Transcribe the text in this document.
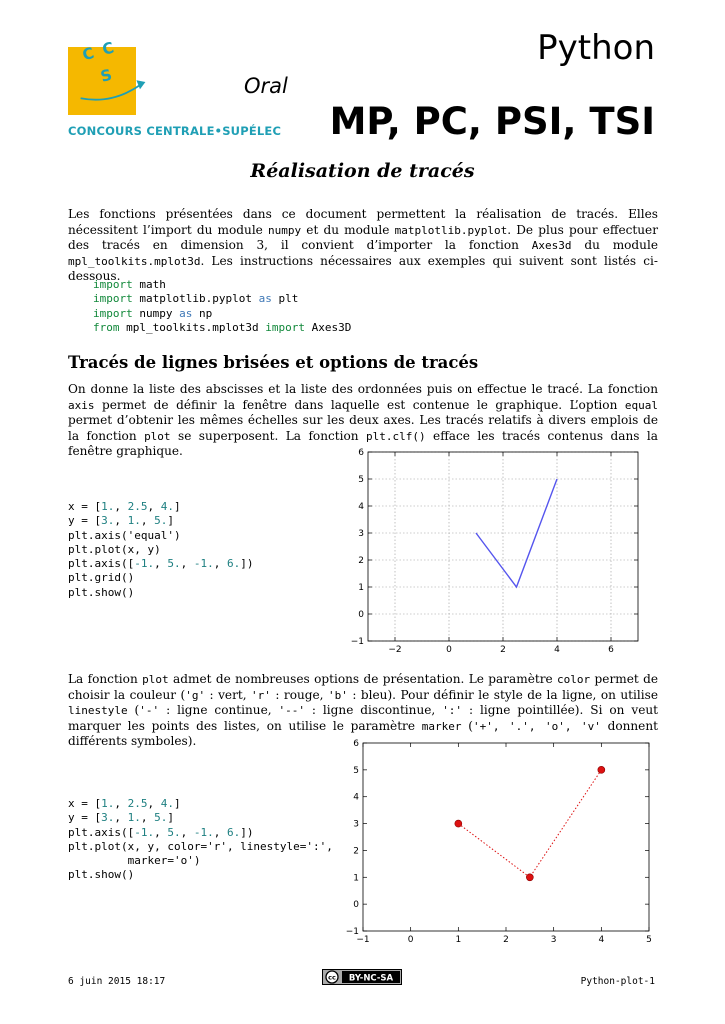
C C
S
CONCOURS CENTRALE•SUPÉLEC
Oral
Python
MP, PC, PSI, TSI
Réalisation de tracés
Les fonctions présentées dans ce document permettent la réalisation de tracés. Elles nécessitent l’import du module numpy et du module matplotlib.pyplot. De plus pour effectuer des tracés en dimension 3, il convient d’importer la fonction Axes3d du module mpl_toolkits.mplot3d. Les instructions nécessaires aux exemples qui suivent sont listés ci-dessous.
import math
import matplotlib.pyplot as plt
import numpy as np
from mpl_toolkits.mplot3d import Axes3D
Tracés de lignes brisées et options de tracés
On donne la liste des abscisses et la liste des ordonnées puis on effectue le tracé. La fonction axis permet de définir la fenêtre dans laquelle est contenue le graphique. L’option equal permet d’obtenir les mêmes échelles sur les deux axes. Les tracés relatifs à divers emplois de la fonction plot se superposent. La fonction plt.clf() efface les tracés contenus dans la fenêtre graphique.
x = [1., 2.5, 4.]
y = [3., 1., 5.]
plt.axis('equal')
plt.plot(x, y)
plt.axis([-1., 5., -1., 6.])
plt.grid()
plt.show()
−2	0	2	4	6
−1
0
1
2
3
4
5
6
La fonction plot admet de nombreuses options de présentation. Le paramètre color permet de choisir la couleur ('g' : vert, 'r' : rouge, 'b' : bleu). Pour définir le style de la ligne, on utilise linestyle ('-' : ligne continue, '--' : ligne discontinue, ':' : ligne pointillée). Si on veut marquer les points des listes, on utilise le paramètre marker ('+', '.', 'o', 'v' donnent différents symboles).
x = [1., 2.5, 4.]
y = [3., 1., 5.]
plt.axis([-1., 5., -1., 6.])
plt.plot(x, y, color='r', linestyle=':',
marker='o')
plt.show()
−1	0	1	2	3	4	5
−1
0
1
2
3
4
5
6
6 juin 2015 18:17	cc BY-NC-SA	Python-plot-1
